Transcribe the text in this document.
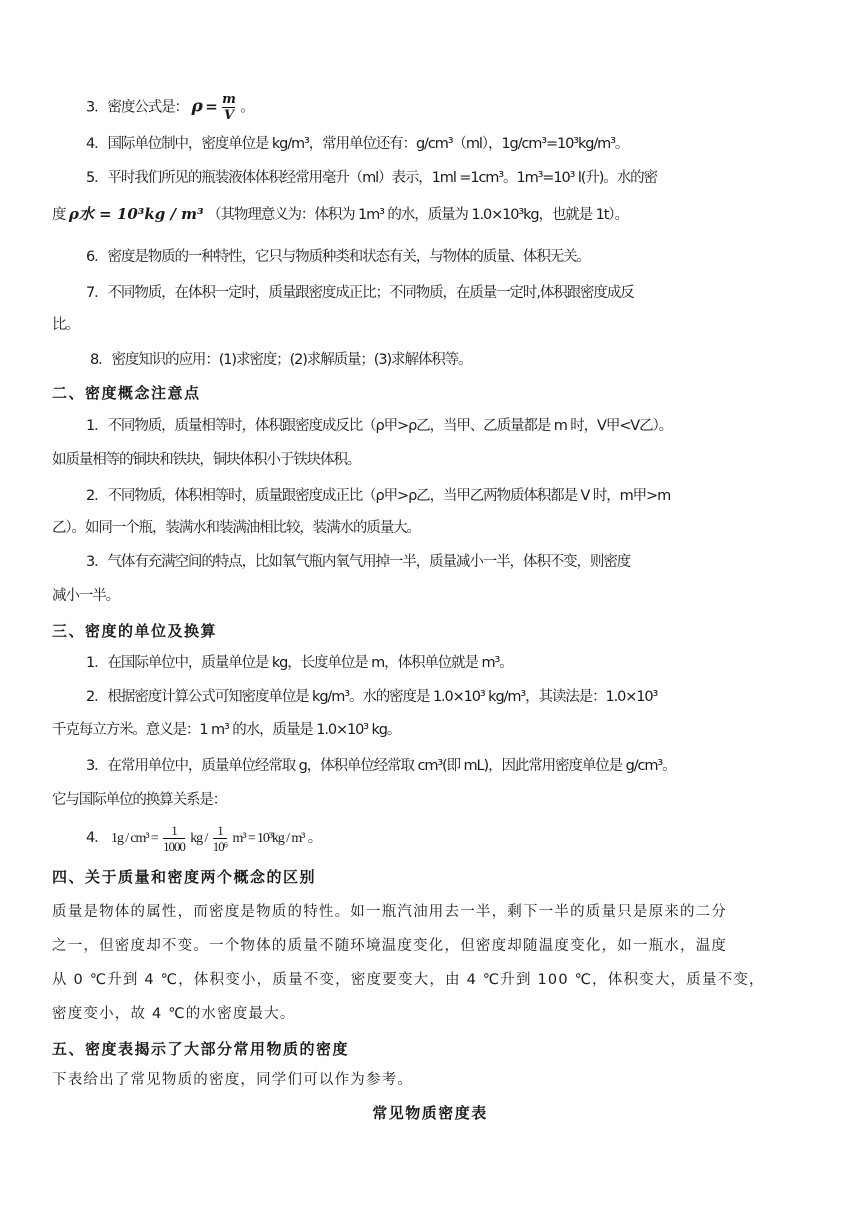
3．密度公式是： $\rho = \frac{m}{V}$ 。
4．国际单位制中，密度单位是 kg/m³，常用单位还有：g/cm³（ml），1g/cm³=10³kg/m³。
5．平时我们所见的瓶装液体体积经常用毫升（ml）表示，1ml =1cm³。1m³=10³ l(升)。水的密
度 ρ水 = 10³kg / m³ （其物理意义为：体积为 1m³ 的水，质量为 1.0×10³kg，也就是 1t）。
6．密度是物质的一种特性，它只与物质种类和状态有关，与物体的质量、体积无关。
7．不同物质，在体积一定时，质量跟密度成正比；不同物质，在质量一定时,体积跟密度成反
比。
8．密度知识的应用：(1)求密度；(2)求解质量；(3)求解体积等。
二、密度概念注意点
1．不同物质，质量相等时，体积跟密度成反比（ρ甲>ρ乙，当甲、乙质量都是 m 时，V甲<V乙）。
如质量相等的铜块和铁块，铜块体积小于铁块体积。
2．不同物质，体积相等时，质量跟密度成正比（ρ甲>ρ乙，当甲乙两物质体积都是 V 时，m甲>m
乙）。如同一个瓶，装满水和装满油相比较，装满水的质量大。
3．气体有充满空间的特点，比如氧气瓶内氧气用掉一半，质量减小一半，体积不变，则密度
减小一半。
三、密度的单位及换算
1．在国际单位中，质量单位是 kg，长度单位是 m，体积单位就是 m³。
2．根据密度计算公式可知密度单位是 kg/m³。水的密度是 1.0×10³ kg/m³，其读法是：1.0×10³
千克每立方米。意义是：1 m³ 的水，质量是 1.0×10³ kg。
3．在常用单位中，质量单位经常取 g，体积单位经常取 cm³(即 mL)，因此常用密度单位是 g/cm³。
它与国际单位的换算关系是：
4． $1g / cm^3 = \frac{1}{1000}$ kg / $\frac{1}{\text{10⁶}} m^3 = 10^3kg / m^3$ 。
四、关于质量和密度两个概念的区别
质量是物体的属性，而密度是物质的特性。如一瓶汽油用去一半，剩下一半的质量只是原来的二分
之一，但密度却不变。一个物体的质量不随环境温度变化，但密度却随温度变化，如一瓶水，温度
从 0 ℃升到 4 ℃，体积变小，质量不变，密度要变大，由 4 ℃升到 100 ℃，体积变大，质量不变，
密度变小，故 4 ℃的水密度最大。
五、密度表揭示了大部分常用物质的密度
下表给出了常见物质的密度，同学们可以作为参考。
常见物质密度表
